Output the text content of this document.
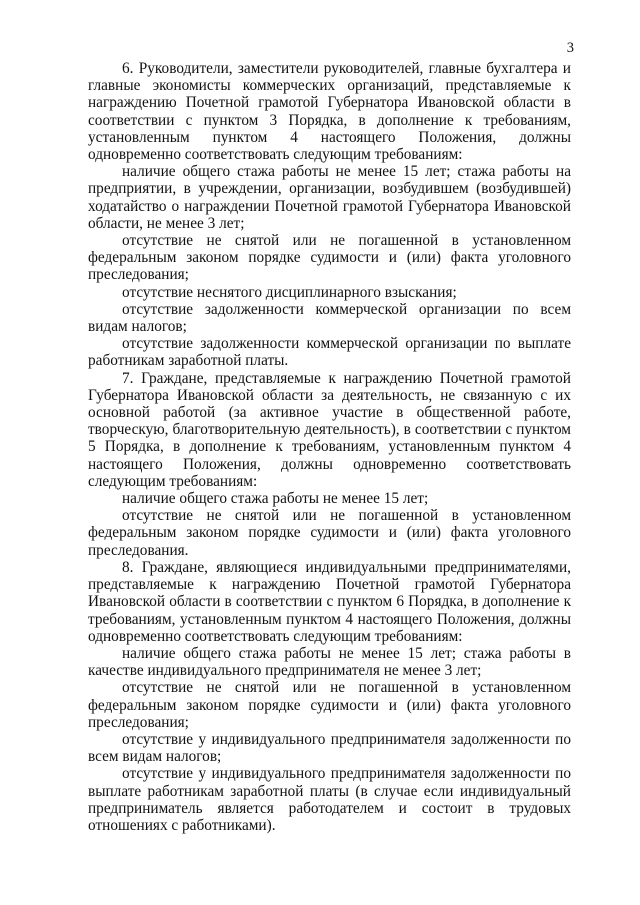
3

6. Руководители, заместители руководителей, главные бухгалтера и главные экономисты коммерческих организаций, представляемые к награждению Почетной грамотой Губернатора Ивановской области в соответствии с пунктом 3 Порядка, в дополнение к требованиям, установленным пунктом 4 настоящего Положения, должны одновременно соответствовать следующим требованиям:

наличие общего стажа работы не менее 15 лет; стажа работы на предприятии, в учреждении, организации, возбудившем (возбудившей) ходатайство о награждении Почетной грамотой Губернатора Ивановской области, не менее 3 лет;

отсутствие не снятой или не погашенной в установленном федеральным законом порядке судимости и (или) факта уголовного преследования;

отсутствие неснятого дисциплинарного взыскания;

отсутствие задолженности коммерческой организации по всем видам налогов;

отсутствие задолженности коммерческой организации по выплате работникам заработной платы.

7. Граждане, представляемые к награждению Почетной грамотой Губернатора Ивановской области за деятельность, не связанную с их основной работой (за активное участие в общественной работе, творческую, благотворительную деятельность), в соответствии с пунктом 5 Порядка, в дополнение к требованиям, установленным пунктом 4 настоящего Положения, должны одновременно соответствовать следующим требованиям:

наличие общего стажа работы не менее 15 лет;

отсутствие не снятой или не погашенной в установленном федеральным законом порядке судимости и (или) факта уголовного преследования.

8. Граждане, являющиеся индивидуальными предпринимателями, представляемые к награждению Почетной грамотой Губернатора Ивановской области в соответствии с пунктом 6 Порядка, в дополнение к требованиям, установленным пунктом 4 настоящего Положения, должны одновременно соответствовать следующим требованиям:

наличие общего стажа работы не менее 15 лет; стажа работы в качестве индивидуального предпринимателя не менее 3 лет;

отсутствие не снятой или не погашенной в установленном федеральным законом порядке судимости и (или) факта уголовного преследования;

отсутствие у индивидуального предпринимателя задолженности по всем видам налогов;

отсутствие у индивидуального предпринимателя задолженности по выплате работникам заработной платы (в случае если индивидуальный предприниматель является работодателем и состоит в трудовых отношениях с работниками).
